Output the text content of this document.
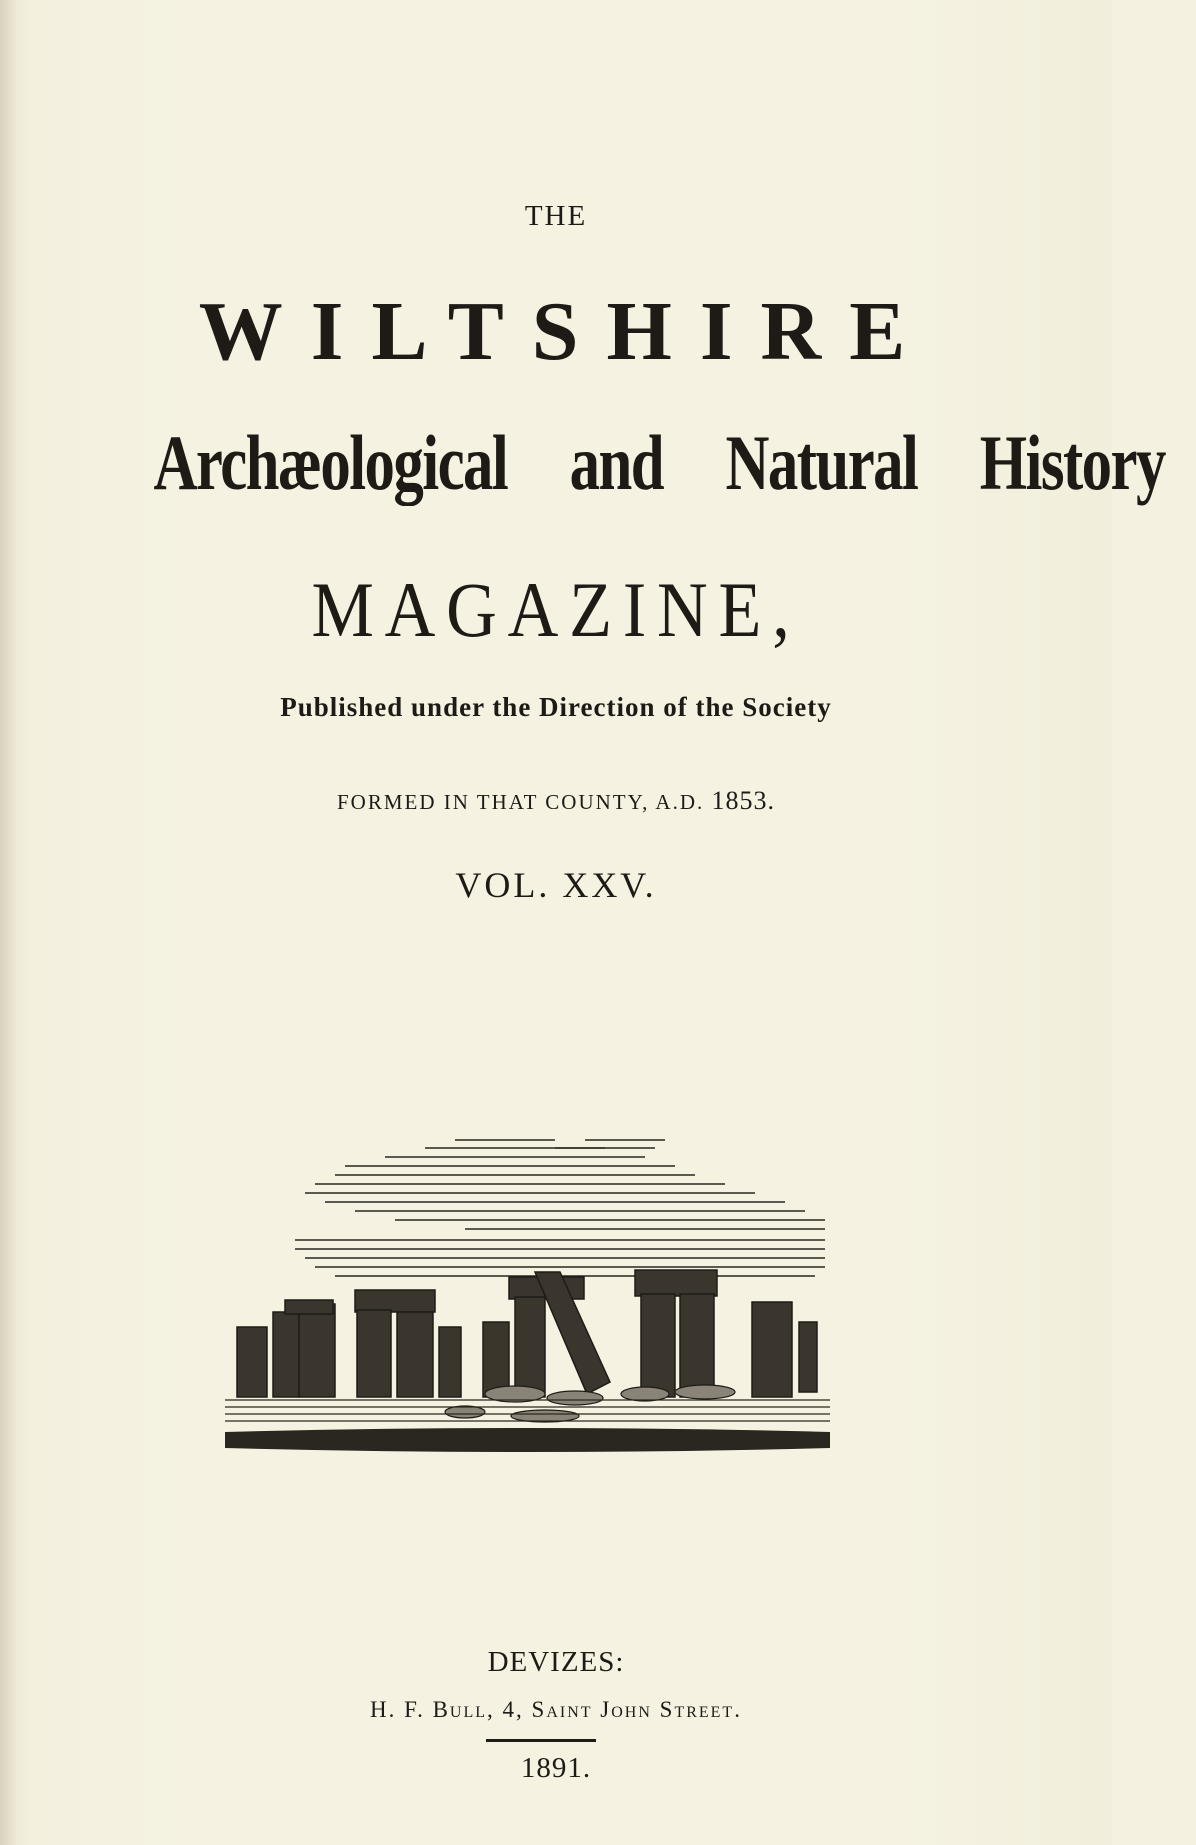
THE
WILTSHIRE
Archæological and Natural History
MAGAZINE,
Published under the Direction of the Society
FORMED IN THAT COUNTY, A.D. 1853.
VOL. XXV.
DEVIZES:
H. F. Bull, 4, Saint John Street.
1891.
